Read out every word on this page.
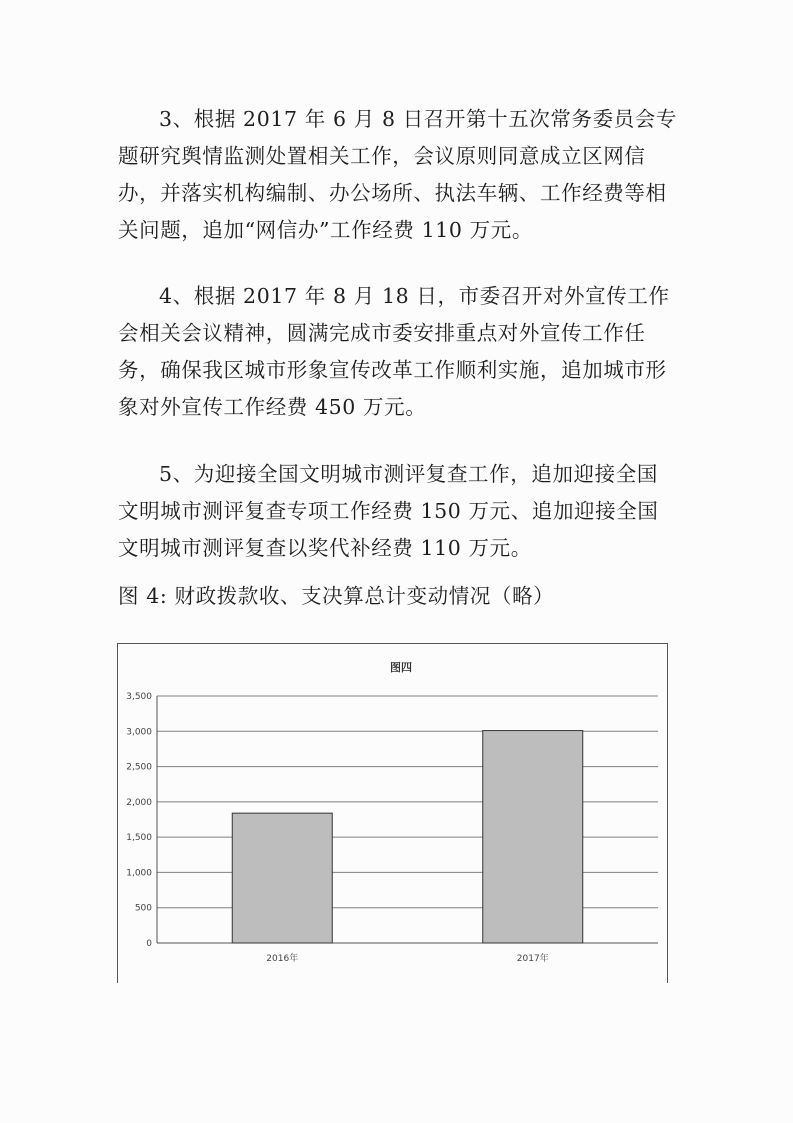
3、根据 2017 年 6 月 8 日召开第十五次常务委员会专题研究舆情监测处置相关工作，会议原则同意成立区网信办，并落实机构编制、办公场所、执法车辆、工作经费等相关问题，追加“网信办”工作经费 110 万元。

4、根据 2017 年 8 月 18 日，市委召开对外宣传工作会相关会议精神，圆满完成市委安排重点对外宣传工作任务，确保我区城市形象宣传改革工作顺利实施，追加城市形象对外宣传工作经费 450 万元。

5、为迎接全国文明城市测评复查工作，追加迎接全国文明城市测评复查专项工作经费 150 万元、追加迎接全国文明城市测评复查以奖代补经费 110 万元。

图 4: 财政拨款收、支决算总计变动情况（略）

图四
0
500
1,000
1,500
2,000
2,500
3,000
3,500
2016年	2017年
